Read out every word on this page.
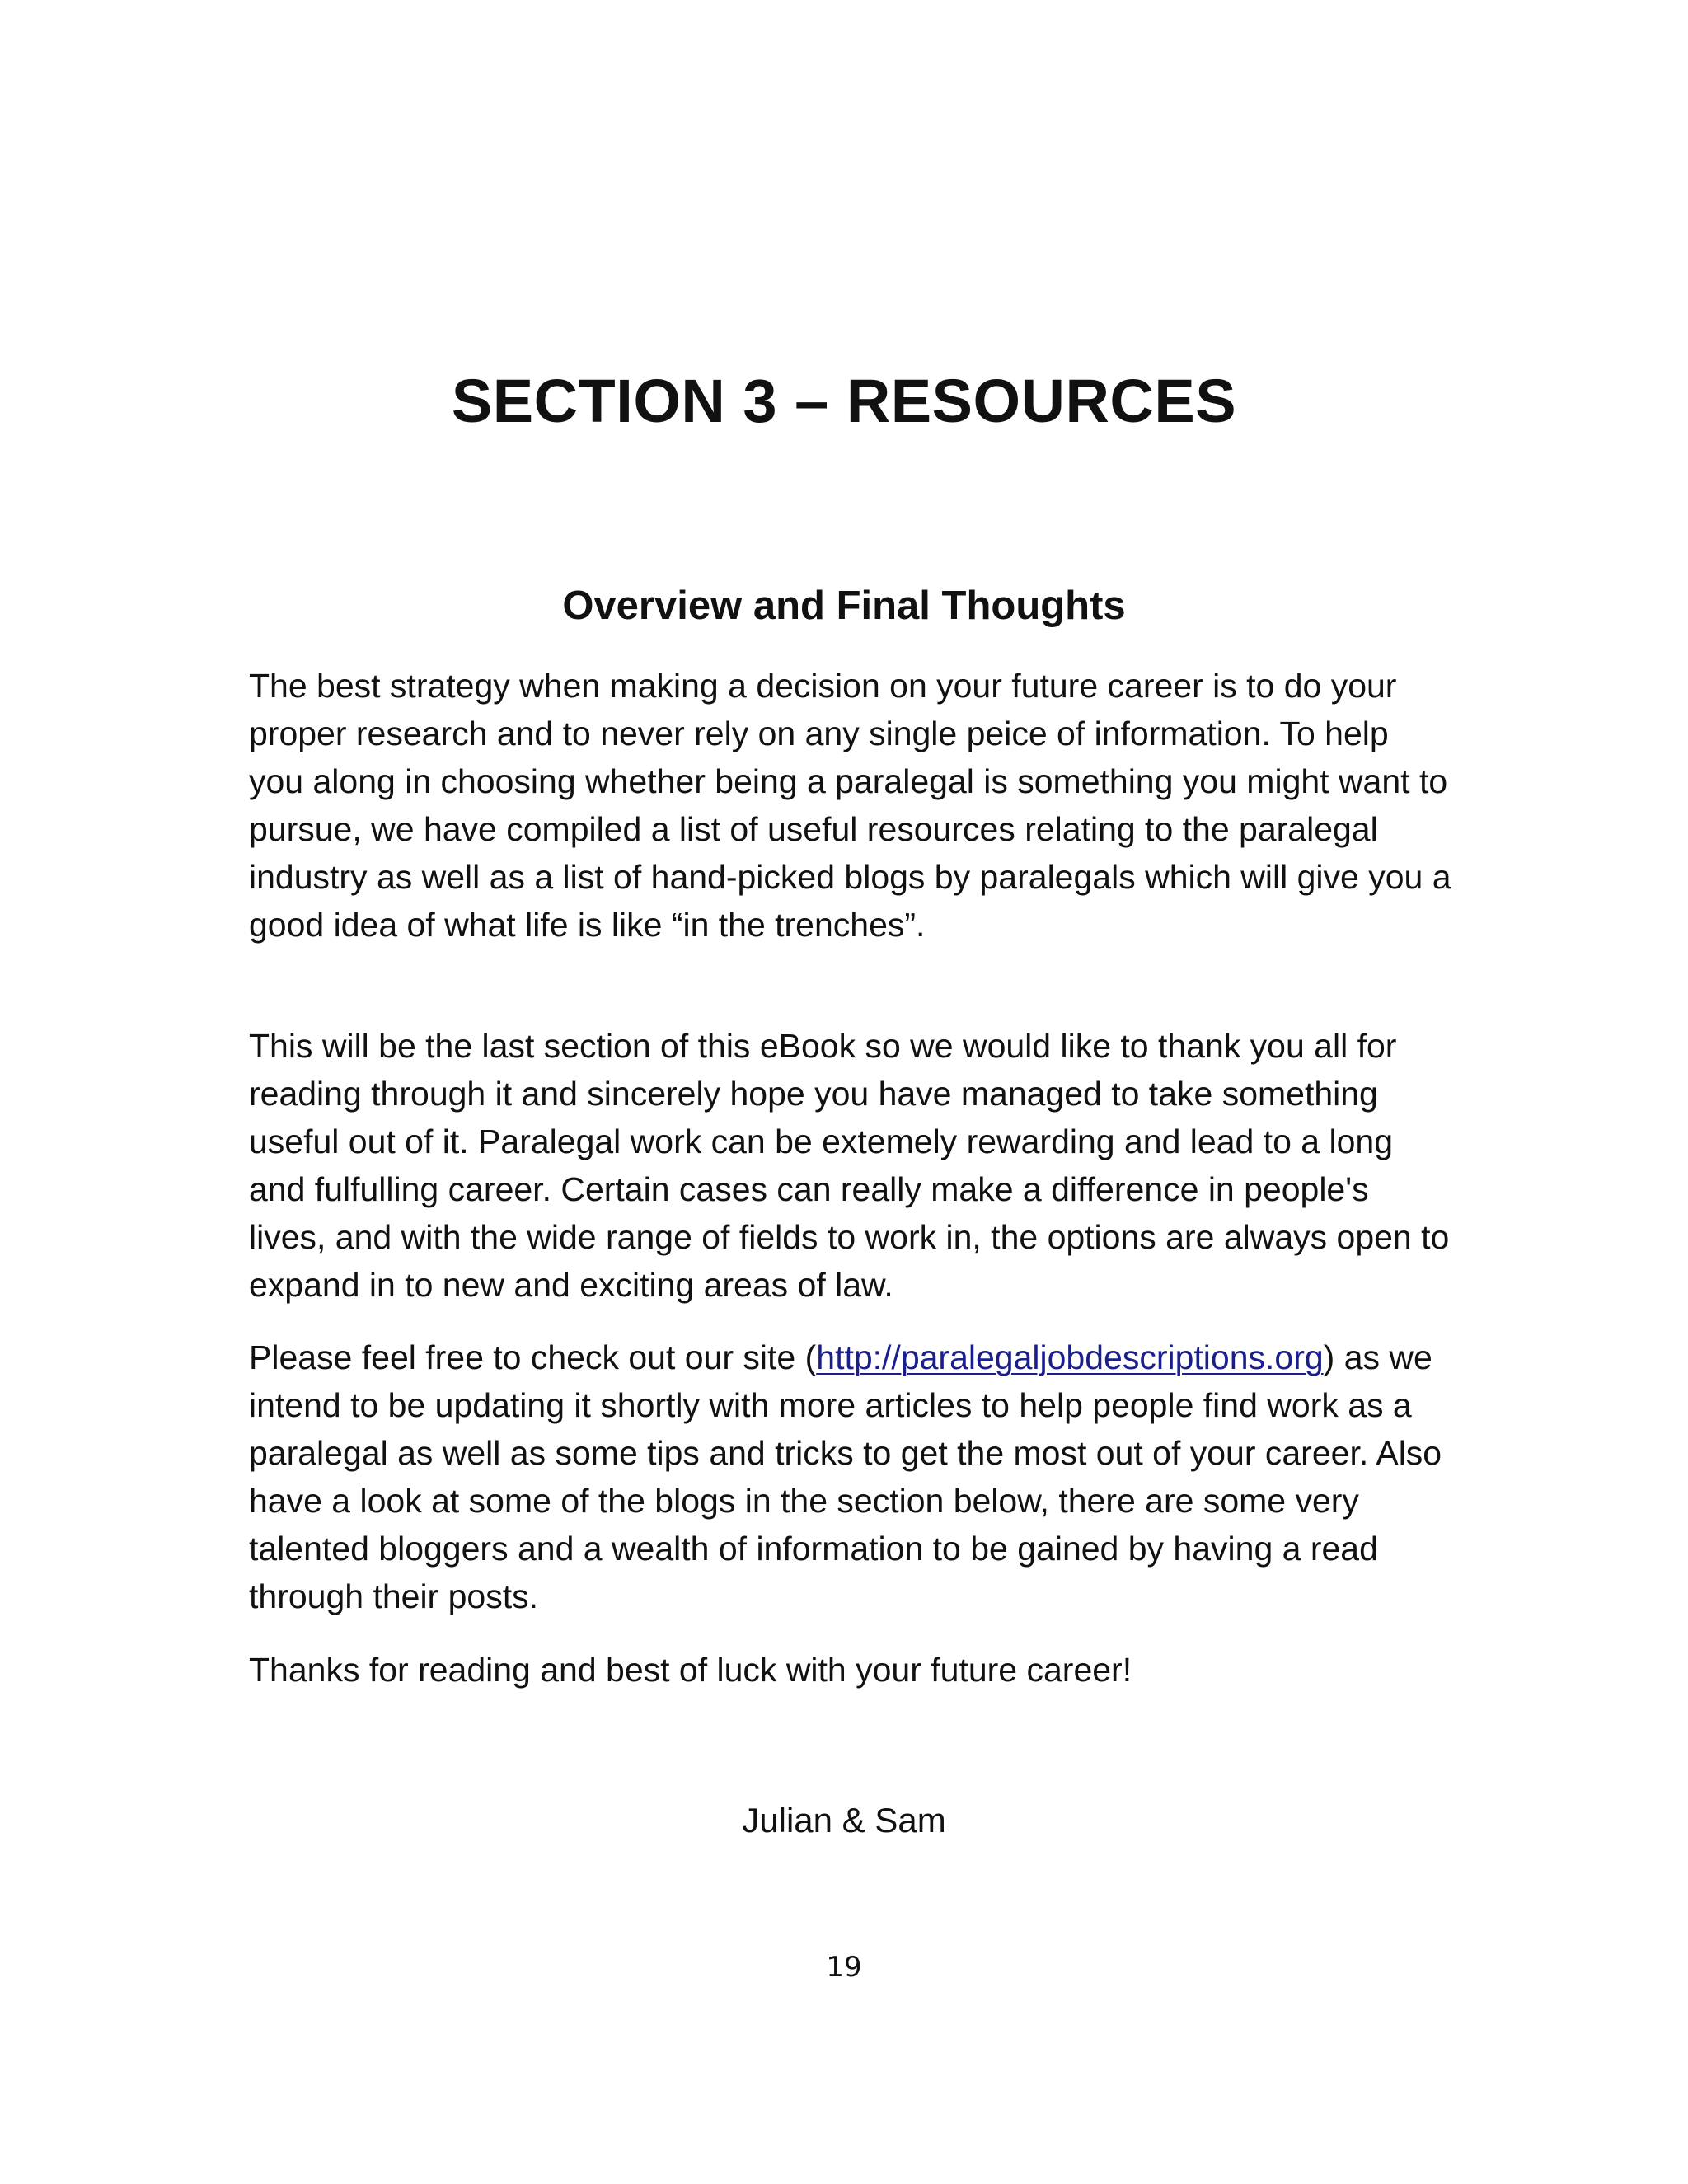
SECTION 3 – RESOURCES
Overview and Final Thoughts

The best strategy when making a decision on your future career is to do your proper research and to never rely on any single peice of information. To help you along in choosing whether being a paralegal is something you might want to pursue, we have compiled a list of useful resources relating to the paralegal industry as well as a list of hand-picked blogs by paralegals which will give you a good idea of what life is like “in the trenches”.

This will be the last section of this eBook so we would like to thank you all for reading through it and sincerely hope you have managed to take something useful out of it. Paralegal work can be extemely rewarding and lead to a long and fulfulling career. Certain cases can really make a difference in people's lives, and with the wide range of fields to work in, the options are always open to expand in to new and exciting areas of law.

Please feel free to check out our site (http://paralegaljobdescriptions.org) as we intend to be updating it shortly with more articles to help people find work as a paralegal as well as some tips and tricks to get the most out of your career. Also have a look at some of the blogs in the section below, there are some very talented bloggers and a wealth of information to be gained by having a read through their posts.

Thanks for reading and best of luck with your future career!

Julian & Sam

19
